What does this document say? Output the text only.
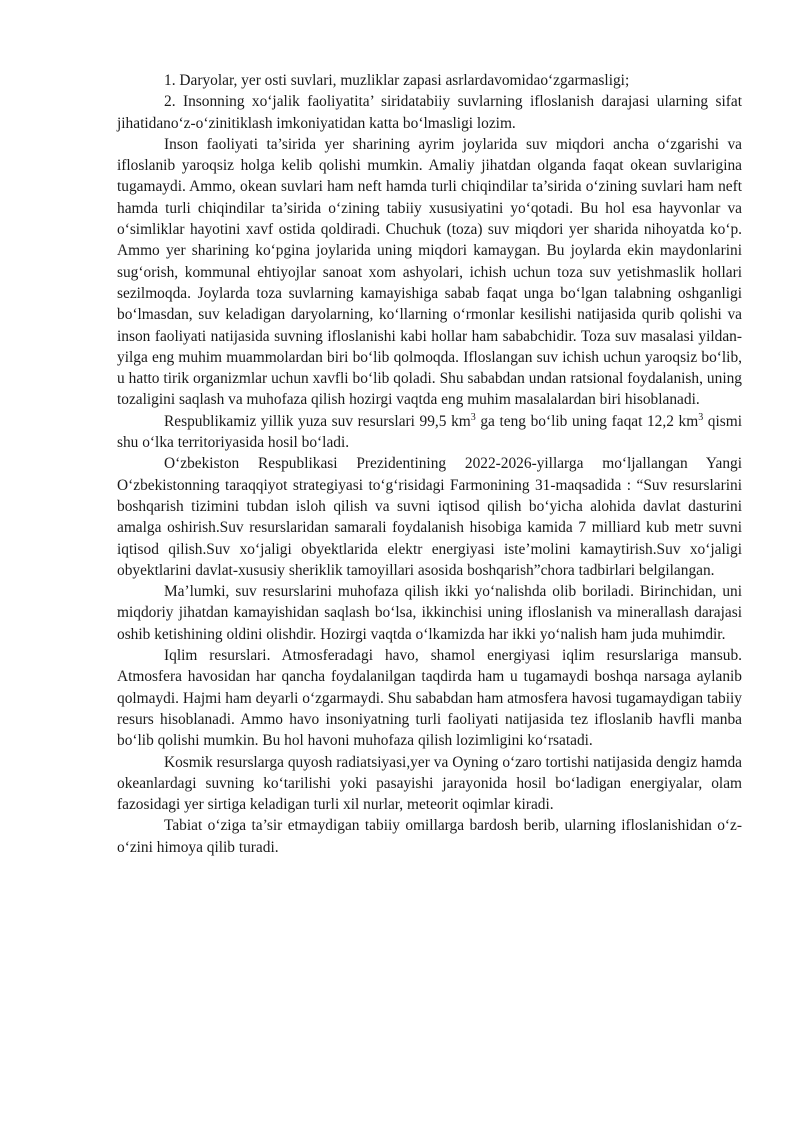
1. Daryolar, yer osti suvlari, muzliklar zapasi asrlardavomidao‘zgarmasligi;

2. Insonning xo‘jalik faoliyatita’ siridatabiiy suvlarning ifloslanish darajasi ularning sifat jihatidano‘z-o‘zinitiklash imkoniyatidan katta bo‘lmasligi lozim.

Inson faoliyati ta’sirida yer sharining ayrim joylarida suv miqdori ancha o‘zgarishi va ifloslanib yaroqsiz holga kelib qolishi mumkin. Amaliy jihatdan olganda faqat okean suvlarigina tugamaydi. Ammo, okean suvlari ham neft hamda turli chiqindilar ta’sirida o‘zining suvlari ham neft hamda turli chiqindilar ta’sirida o‘zining tabiiy xususiyatini yo‘qotadi. Bu hol esa hayvonlar va o‘simliklar hayotini xavf ostida qoldiradi. Chuchuk (toza) suv miqdori yer sharida nihoyatda ko‘p. Ammo yer sharining ko‘pgina joylarida uning miqdori kamaygan. Bu joylarda ekin maydonlarini sug‘orish, kommunal ehtiyojlar sanoat xom ashyolari, ichish uchun toza suv yetishmaslik hollari sezilmoqda. Joylarda toza suvlarning kamayishiga sabab faqat unga bo‘lgan talabning oshganligi bo‘lmasdan, suv keladigan daryolarning, ko‘llarning o‘rmonlar kesilishi natijasida qurib qolishi va inson faoliyati natijasida suvning ifloslanishi kabi hollar ham sababchidir. Toza suv masalasi yildan-yilga eng muhim muammolardan biri bo‘lib qolmoqda. Ifloslangan suv ichish uchun yaroqsiz bo‘lib, u hatto tirik organizmlar uchun xavfli bo‘lib qoladi. Shu sababdan undan ratsional foydalanish, uning tozaligini saqlash va muhofaza qilish hozirgi vaqtda eng muhim masalalardan biri hisoblanadi.

Respublikamiz yillik yuza suv resurslari 99,5 $km^3$ ga teng bo‘lib uning faqat 12,2 $km^3$ qismi shu o‘lka territoriyasida hosil bo‘ladi.

O‘zbekiston Respublikasi Prezidentining 2022-2026-yillarga mo‘ljallangan Yangi O‘zbekistonning taraqqiyot strategiyasi to‘g‘risidagi Farmonining 31-maqsadida : “Suv resurslarini boshqarish tizimini tubdan isloh qilish va suvni iqtisod qilish bo‘yicha alohida davlat dasturini amalga oshirish.Suv resurslaridan samarali foydalanish hisobiga kamida 7 milliard kub metr suvni iqtisod qilish.Suv xo‘jaligi obyektlarida elektr energiyasi iste’molini kamaytirish.Suv xo‘jaligi obyektlarini davlat-xususiy sheriklik tamoyillari asosida boshqarish”chora tadbirlari belgilangan.

Ma’lumki, suv resurslarini muhofaza qilish ikki yo‘nalishda olib boriladi. Birinchidan, uni miqdoriy jihatdan kamayishidan saqlash bo‘lsa, ikkinchisi uning ifloslanish va minerallash darajasi oshib ketishining oldini olishdir. Hozirgi vaqtda o‘lkamizda har ikki yo‘nalish ham juda muhimdir.

Iqlim resurslari. Atmosferadagi havo, shamol energiyasi iqlim resurslariga mansub. Atmosfera havosidan har qancha foydalanilgan taqdirda ham u tugamaydi boshqa narsaga aylanib qolmaydi. Hajmi ham deyarli o‘zgarmaydi. Shu sababdan ham atmosfera havosi tugamaydigan tabiiy resurs hisoblanadi. Ammo havo insoniyatning turli faoliyati natijasida tez ifloslanib havfli manba bo‘lib qolishi mumkin. Bu hol havoni muhofaza qilish lozimligini ko‘rsatadi.

Kosmik resurslarga quyosh radiatsiyasi,yer va Oyning o‘zaro tortishi natijasida dengiz hamda okeanlardagi suvning ko‘tarilishi yoki pasayishi jarayonida hosil bo‘ladigan energiyalar, olam fazosidagi yer sirtiga keladigan turli xil nurlar, meteorit oqimlar kiradi.

Tabiat o‘ziga ta’sir etmaydigan tabiiy omillarga bardosh berib, ularning ifloslanishidan o‘z-o‘zini himoya qilib turadi.
